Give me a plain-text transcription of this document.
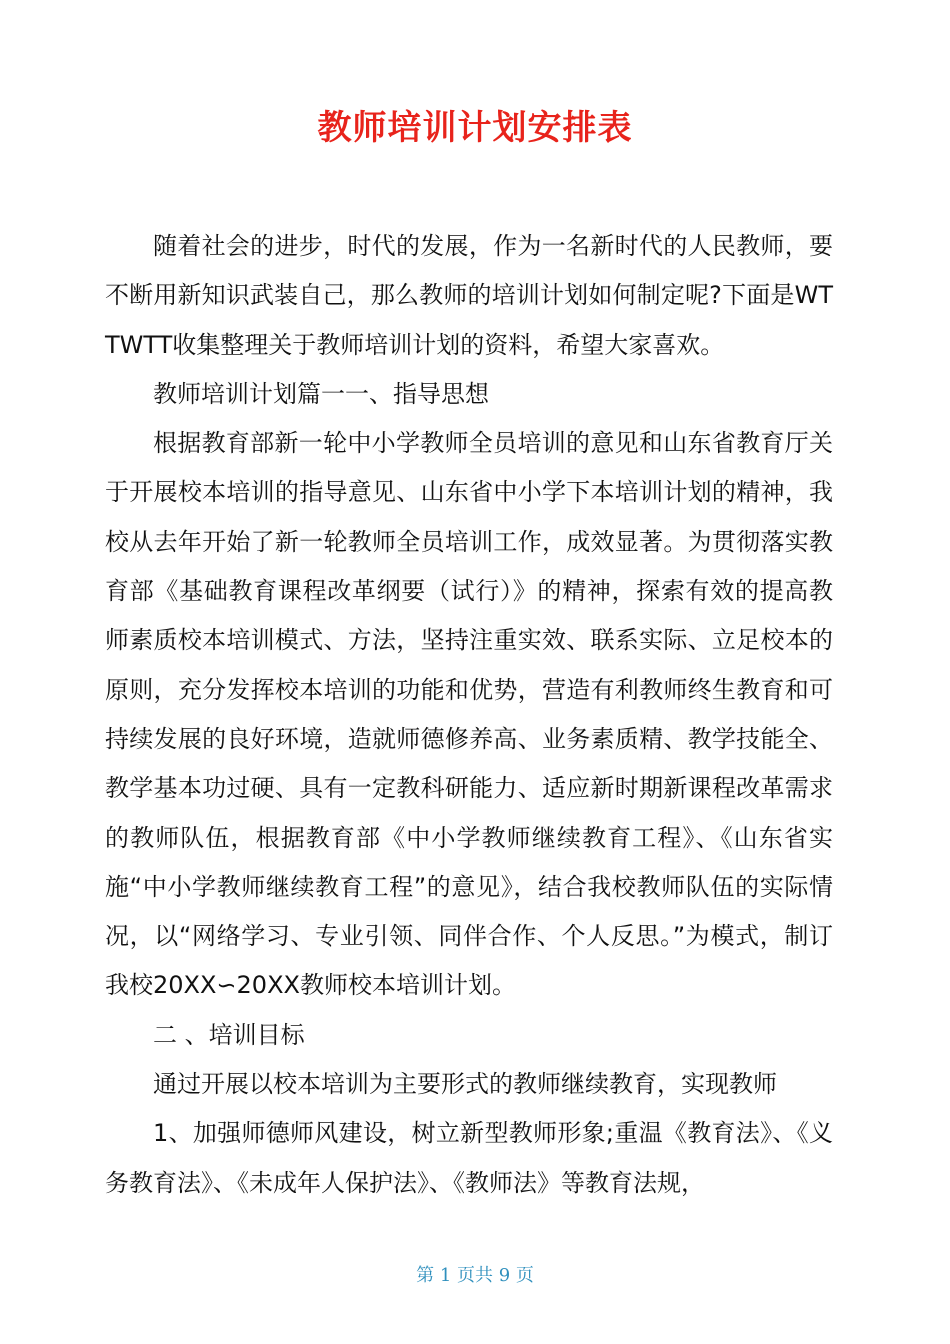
教师培训计划安排表

随着社会的进步，时代的发展，作为一名新时代的人民教师，要不断用新知识武装自己，那么教师的培训计划如何制定呢?下面是WTTWTT收集整理关于教师培训计划的资料，希望大家喜欢。

教师培训计划篇一一、指导思想

根据教育部新一轮中小学教师全员培训的意见和山东省教育厅关于开展校本培训的指导意见、山东省中小学下本培训计划的精神，我校从去年开始了新一轮教师全员培训工作，成效显著。为贯彻落实教育部《基础教育课程改革纲要（试行）》的精神，探索有效的提高教师素质校本培训模式、方法，坚持注重实效、联系实际、立足校本的原则，充分发挥校本培训的功能和优势，营造有利教师终生教育和可持续发展的良好环境，造就师德修养高、业务素质精、教学技能全、教学基本功过硬、具有一定教科研能力、适应新时期新课程改革需求的教师队伍，根据教育部《中小学教师继续教育工程》、《山东省实施“中小学教师继续教育工程”的意见》，结合我校教师队伍的实际情况，以“网络学习、专业引领、同伴合作、个人反思。”为模式，制订我校20XX∽20XX教师校本培训计划。

二 、培训目标

通过开展以校本培训为主要形式的教师继续教育，实现教师

1、加强师德师风建设，树立新型教师形象;重温《教育法》、《义务教育法》、《未成年人保护法》、《教师法》等教育法规，

第 1 页共 9 页
